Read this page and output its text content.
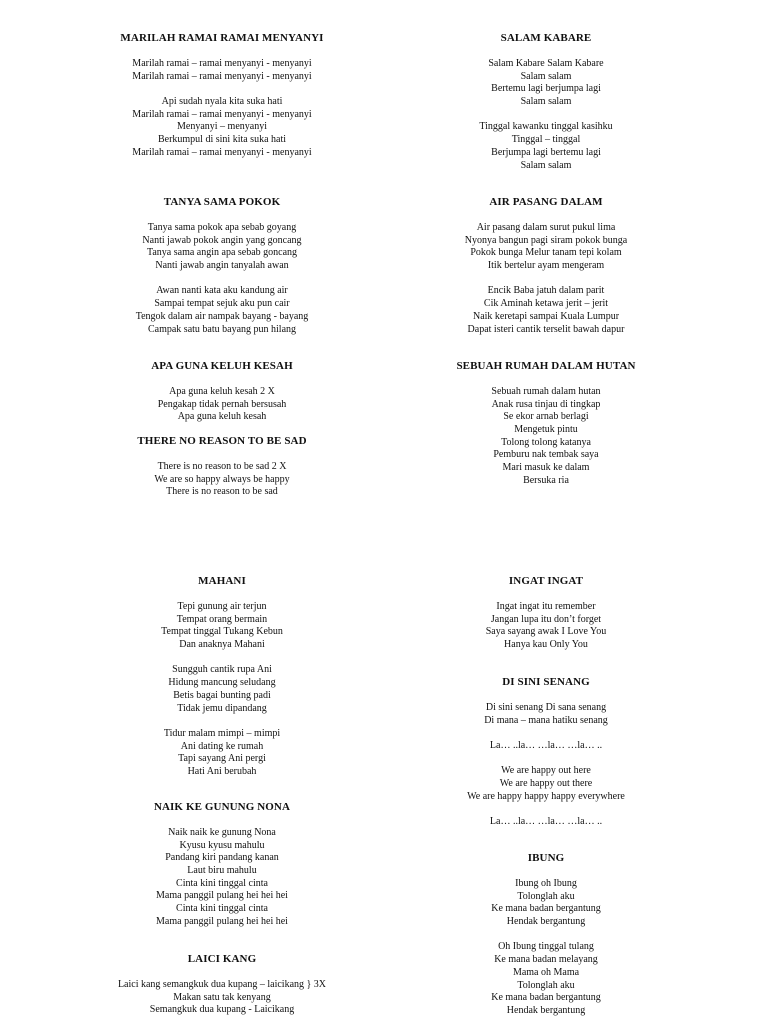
MARILAH RAMAI RAMAI MENYANYI
Marilah ramai – ramai menyanyi - menyanyi
Marilah ramai – ramai menyanyi - menyanyi
Api sudah nyala kita suka hati
Marilah ramai – ramai menyanyi - menyanyi
Menyanyi – menyanyi
Berkumpul di sini kita suka hati
Marilah ramai – ramai menyanyi - menyanyi
TANYA SAMA POKOK
Tanya sama pokok apa sebab goyang
Nanti jawab pokok angin yang goncang
Tanya sama angin apa sebab goncang
Nanti jawab angin tanyalah awan
Awan nanti kata aku kandung air
Sampai tempat sejuk aku pun cair
Tengok dalam air nampak bayang - bayang
Campak satu batu bayang pun hilang
APA GUNA KELUH KESAH
Apa guna keluh kesah 2 X
Pengakap tidak pernah bersusah
Apa guna keluh kesah
THERE NO REASON TO BE SAD
There is no reason to be sad 2 X
We are so happy always be happy
There is no reason to be sad
MAHANI
Tepi gunung air terjun
Tempat orang bermain
Tempat tinggal Tukang Kebun
Dan anaknya Mahani
Sungguh cantik rupa Ani
Hidung mancung seludang
Betis bagai bunting padi
Tidak jemu dipandang
Tidur malam mimpi – mimpi
Ani dating ke rumah
Tapi sayang Ani pergi
Hati Ani berubah
NAIK KE GUNUNG NONA
Naik naik ke gunung Nona
Kyusu kyusu mahulu
Pandang kiri pandang kanan
Laut biru mahulu
Cinta kini tinggal cinta
Mama panggil pulang hei hei hei
Cinta kini tinggal cinta
Mama panggil pulang hei hei hei
LAICI KANG
Laici kang semangkuk dua kupang – laicikang } 3X
Makan satu tak kenyang
Semangkuk dua kupang - Laicikang
SALAM KABARE
Salam Kabare Salam Kabare
Salam salam
Bertemu lagi berjumpa lagi
Salam salam
Tinggal kawanku tinggal kasihku
Tinggal – tinggal
Berjumpa lagi bertemu lagi
Salam salam
AIR PASANG DALAM
Air pasang dalam surut pukul lima
Nyonya bangun pagi siram pokok bunga
Pokok bunga Melur tanam tepi kolam
Itik bertelur ayam mengeram
Encik Baba jatuh dalam parit
Cik Aminah ketawa jerit – jerit
Naik keretapi sampai Kuala Lumpur
Dapat isteri cantik terselit bawah dapur
SEBUAH RUMAH DALAM HUTAN
Sebuah rumah dalam hutan
Anak rusa tinjau di tingkap
Se ekor arnab berlagi
Mengetuk pintu
Tolong tolong katanya
Pemburu nak tembak saya
Mari masuk ke dalam
Bersuka ria
INGAT INGAT
Ingat ingat itu remember
Jangan lupa itu don’t forget
Saya sayang awak I Love You
Hanya kau Only You
DI SINI SENANG
Di sini senang Di sana senang
Di mana – mana hatiku senang
La… ..la… …la… …la… ..
We are happy out here
We are happy out there
We are happy happy happy everywhere
La… ..la… …la… …la… ..
IBUNG
Ibung oh Ibung
Tolonglah aku
Ke mana badan bergantung
Hendak bergantung
Oh Ibung tinggal tulang
Ke mana badan melayang
Mama oh Mama
Tolonglah aku
Ke mana badan bergantung
Hendak bergantung
